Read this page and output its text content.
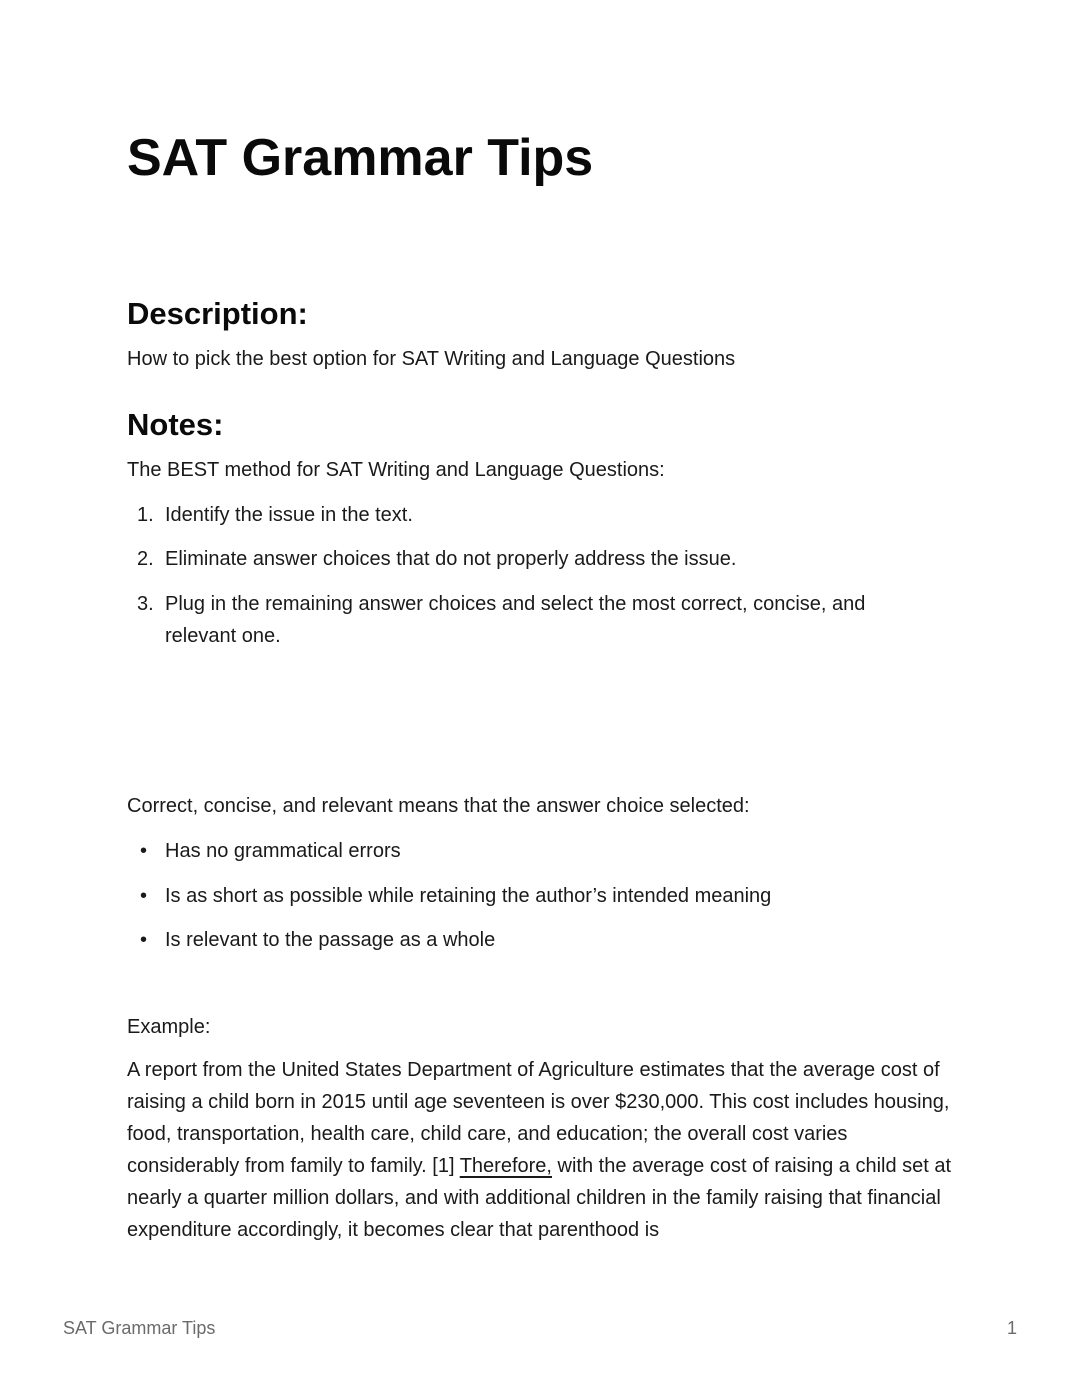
SAT Grammar Tips
Description:

How to pick the best option for SAT Writing and Language Questions

Notes:

The BEST method for SAT Writing and Language Questions:

1. Identify the issue in the text.
2. Eliminate answer choices that do not properly address the issue.
3. Plug in the remaining answer choices and select the most correct, concise, and relevant one.

Correct, concise, and relevant means that the answer choice selected:

• Has no grammatical errors
• Is as short as possible while retaining the author’s intended meaning
• Is relevant to the passage as a whole

Example:

A report from the United States Department of Agriculture estimates that the average cost of raising a child born in 2015 until age seventeen is over $230,000. This cost includes housing, food, transportation, health care, child care, and education; the overall cost varies considerably from family to family. [1] Therefore, with the average cost of raising a child set at nearly a quarter million dollars, and with additional children in the family raising that financial expenditure accordingly, it becomes clear that parenthood is

SAT Grammar Tips	1
